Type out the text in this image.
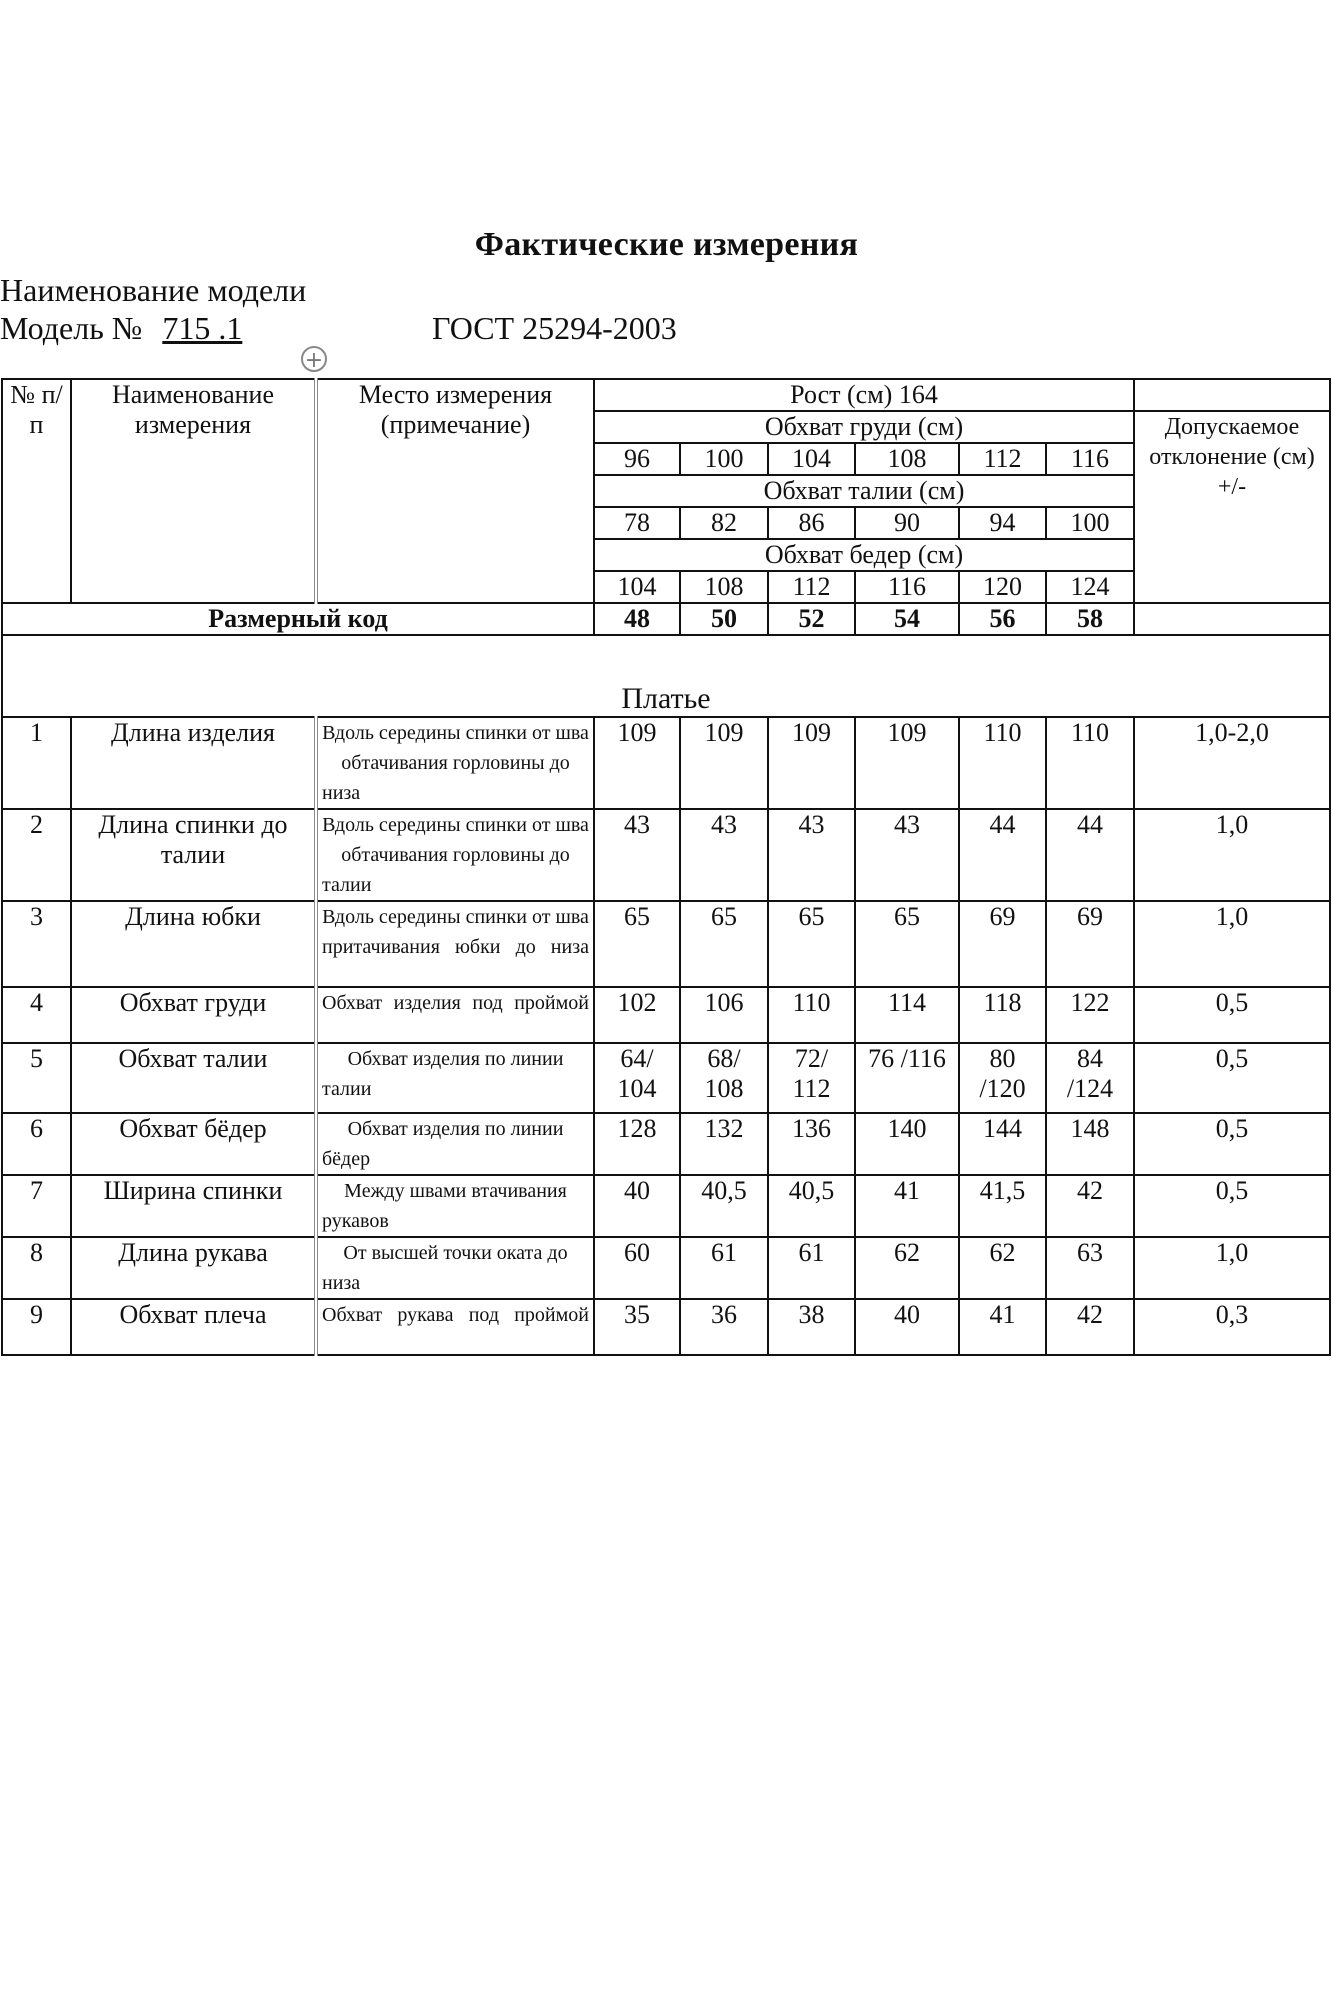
Фактические измерения
Наименование модели
Модель № 715 .1	ГОСТ 25294-2003
+
№ п/п	Наименование измерения	Место измерения (примечание)	Рост (см) 164						
			Обхват груди (см)						Допускаемое отклонение (см) +/-
			96	100	104	108	112	116	
			Обхват талии (см)						
			78	82	86	90	94	100	
			Обхват бедер (см)						
			104	108	112	116	120	124	
Размерный код			48	50	52	54	56	58	
Платье									
1	Длина изделия	Вдоль середины спинки от шва обтачивания горловины до низа	109	109	109	109	110	110	1,0-2,0
2	Длина спинки до талии	Вдоль середины спинки от шва обтачивания горловины до талии	43	43	43	43	44	44	1,0
3	Длина юбки	Вдоль середины спинки от шва притачивания юбки до низа	65	65	65	65	69	69	1,0
4	Обхват груди	Обхват изделия под проймой	102	106	110	114	118	122	0,5
5	Обхват талии	Обхват изделия по линии талии	64/ 104	68/ 108	72/ 112	76 /116	80 /120	84 /124	0,5
6	Обхват бёдер	Обхват изделия по линии бёдер	128	132	136	140	144	148	0,5
7	Ширина спинки	Между швами втачивания рукавов	40	40,5	40,5	41	41,5	42	0,5
8	Длина рукава	От высшей точки оката до низа	60	61	61	62	62	63	1,0
9	Обхват плеча	Обхват рукава под проймой	35	36	38	40	41	42	0,3
